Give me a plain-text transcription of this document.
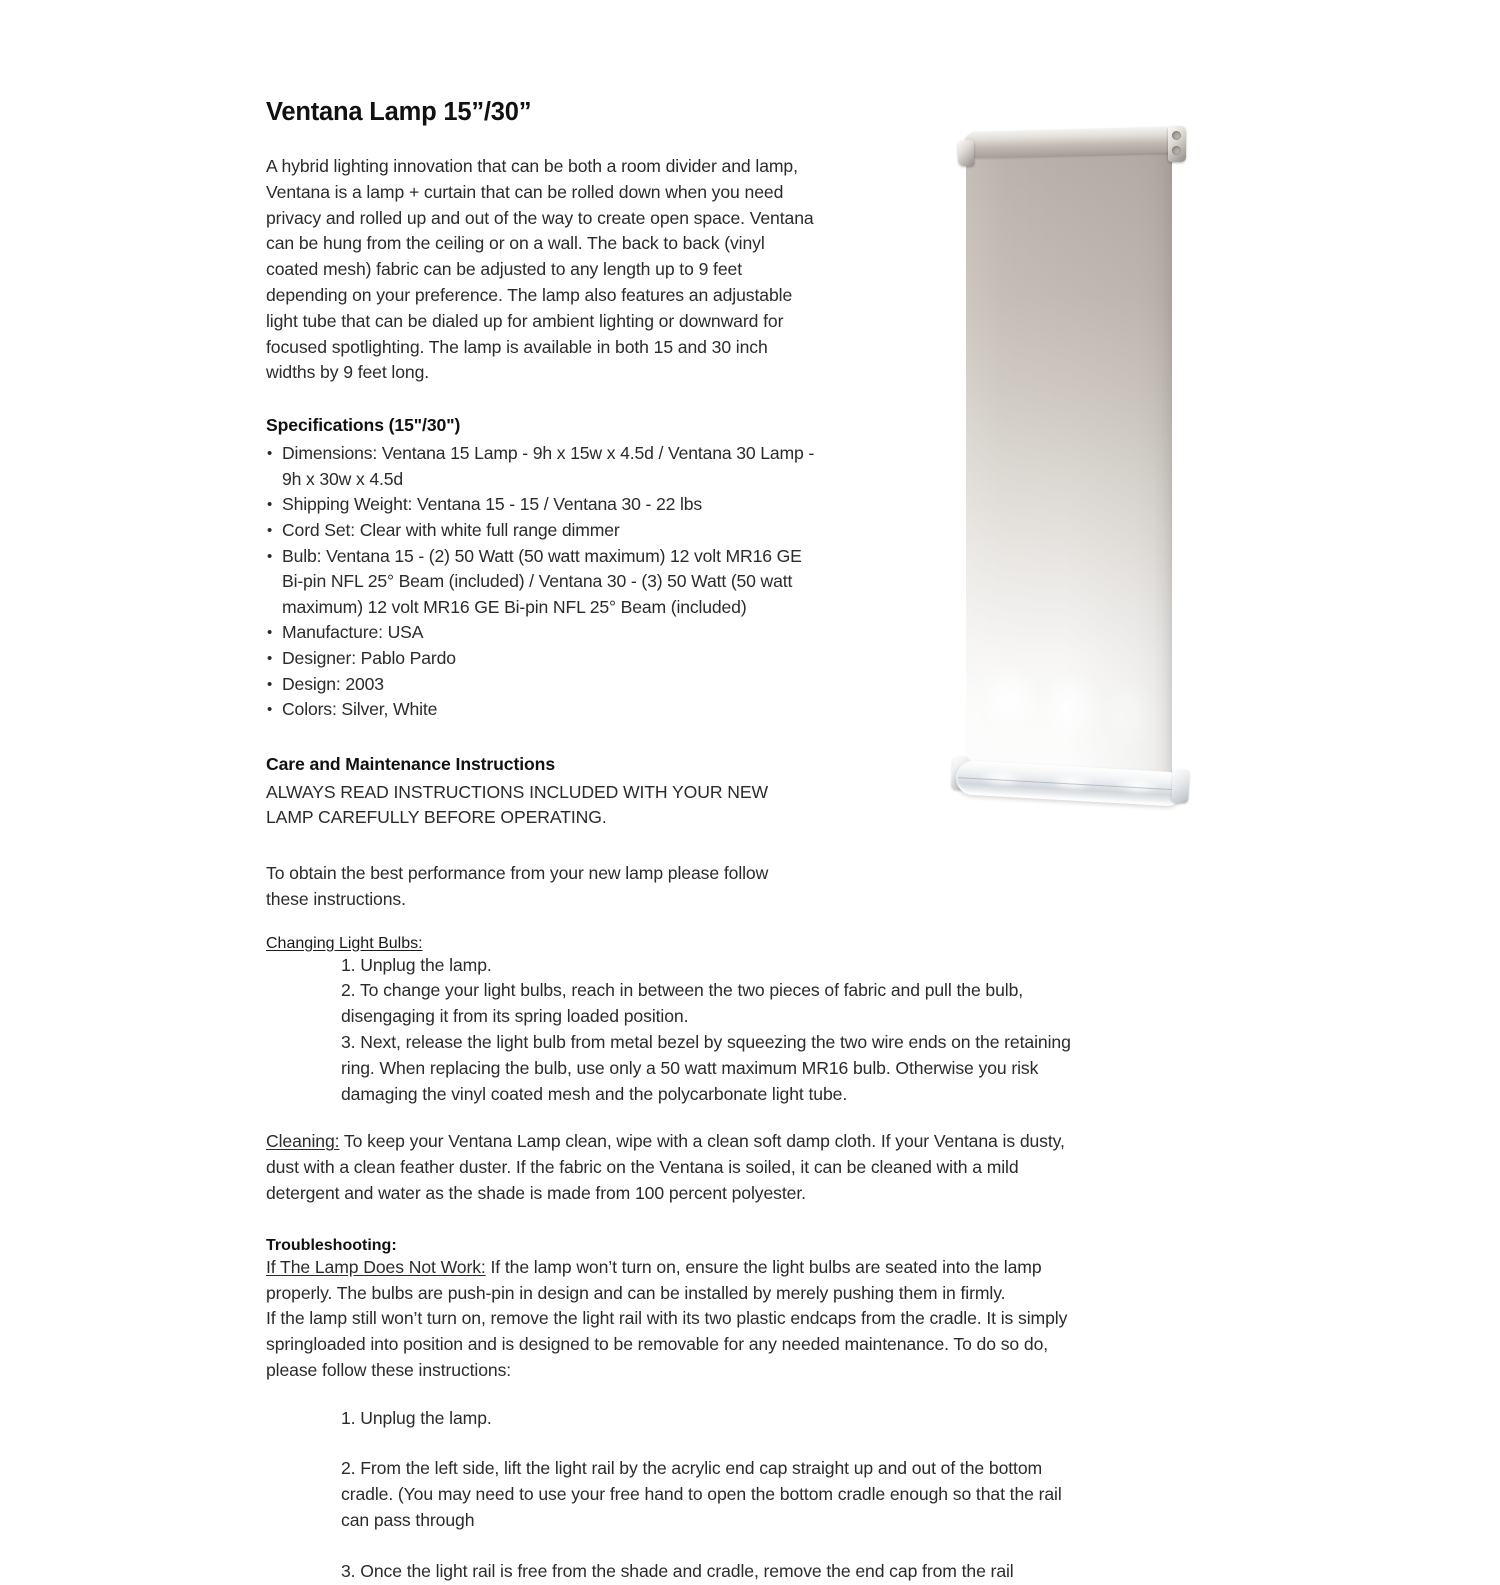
Ventana Lamp 15”/30”

A hybrid lighting innovation that can be both a room divider and lamp, Ventana is a lamp + curtain that can be rolled down when you need privacy and rolled up and out of the way to create open space. Ventana can be hung from the ceiling or on a wall. The back to back (vinyl coated mesh) fabric can be adjusted to any length up to 9 feet depending on your preference. The lamp also features an adjustable light tube that can be dialed up for ambient lighting or downward for focused spotlighting. The lamp is available in both 15 and 30 inch widths by 9 feet long.

Specifications (15"/30")
• Dimensions: Ventana 15 Lamp - 9h x 15w x 4.5d / Ventana 30 Lamp - 9h x 30w x 4.5d
• Shipping Weight: Ventana 15 - 15 / Ventana 30 - 22 lbs
• Cord Set: Clear with white full range dimmer
• Bulb: Ventana 15 - (2) 50 Watt (50 watt maximum) 12 volt MR16 GE Bi-pin NFL 25° Beam (included) / Ventana 30 - (3) 50 Watt (50 watt maximum) 12 volt MR16 GE Bi-pin NFL 25° Beam (included)
• Manufacture: USA
• Designer: Pablo Pardo
• Design: 2003
• Colors: Silver, White
Care and Maintenance Instructions

ALWAYS READ INSTRUCTIONS INCLUDED WITH YOUR NEW LAMP CAREFULLY BEFORE OPERATING.

To obtain the best performance from your new lamp please follow these instructions.

Changing Light Bulbs:
1. Unplug the lamp.
2. To change your light bulbs, reach in between the two pieces of fabric and pull the bulb, disengaging it from its spring loaded position.
3. Next, release the light bulb from metal bezel by squeezing the two wire ends on the retaining ring. When replacing the bulb, use only a 50 watt maximum MR16 bulb. Otherwise you risk damaging the vinyl coated mesh and the polycarbonate light tube.

Cleaning: To keep your Ventana Lamp clean, wipe with a clean soft damp cloth. If your Ventana is dusty, dust with a clean feather duster. If the fabric on the Ventana is soiled, it can be cleaned with a mild detergent and water as the shade is made from 100 percent polyester.

Troubleshooting:

If The Lamp Does Not Work: If the lamp won’t turn on, ensure the light bulbs are seated into the lamp properly. The bulbs are push-pin in design and can be installed by merely pushing them in firmly.

If the lamp still won’t turn on, remove the light rail with its two plastic endcaps from the cradle. It is simply springloaded into position and is designed to be removable for any needed maintenance. To do so do, please follow these instructions:

1. Unplug the lamp.
2. From the left side, lift the light rail by the acrylic end cap straight up and out of the bottom cradle. (You may need to use your free hand to open the bottom cradle enough so that the rail can pass through
3. Once the light rail is free from the shade and cradle, remove the end cap from the rail
